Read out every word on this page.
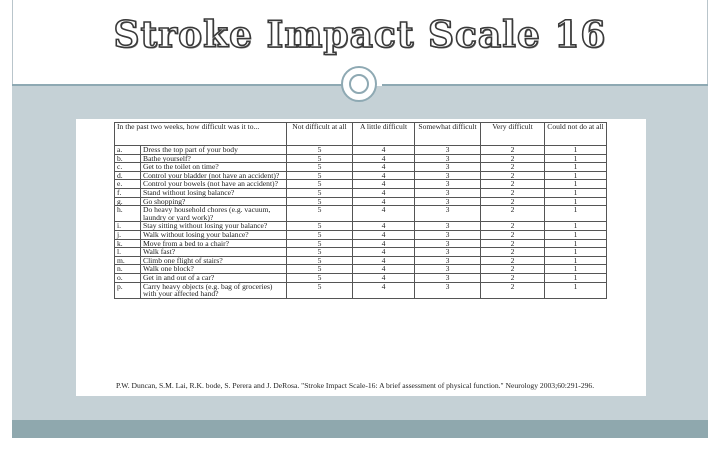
Stroke Impact Scale 16
In the past two weeks, how difficult was it to...		Not difficult at all	A little difficult	Somewhat difficult	Very difficult	Could not do at all
a.	Dress the top part of your body	5	4	3	2	1
b.	Bathe yourself?	5	4	3	2	1
c.	Get to the toilet on time?	5	4	3	2	1
d.	Control your bladder (not have an accident)?	5	4	3	2	1
e.	Control your bowels (not have an accident)?	5	4	3	2	1
f.	Stand without losing balance?	5	4	3	2	1
g.	Go shopping?	5	4	3	2	1
h.	Do heavy household chores (e.g. vacuum, laundry or yard work)?	5	4	3	2	1
i.	Stay sitting without losing your balance?	5	4	3	2	1
j.	Walk without losing your balance?	5	4	3	2	1
k.	Move from a bed to a chair?	5	4	3	2	1
l.	Walk fast?	5	4	3	2	1
m.	Climb one flight of stairs?	5	4	3	2	1
n.	Walk one block?	5	4	3	2	1
o.	Get in and out of a car?	5	4	3	2	1
p.	Carry heavy objects (e.g. bag of groceries) with your affected hand?	5	4	3	2	1
P.W. Duncan, S.M. Lai, R.K. bode, S. Perera and J. DeRosa. "Stroke Impact Scale-16: A brief assessment of physical function." Neurology 2003;60:291-296.
